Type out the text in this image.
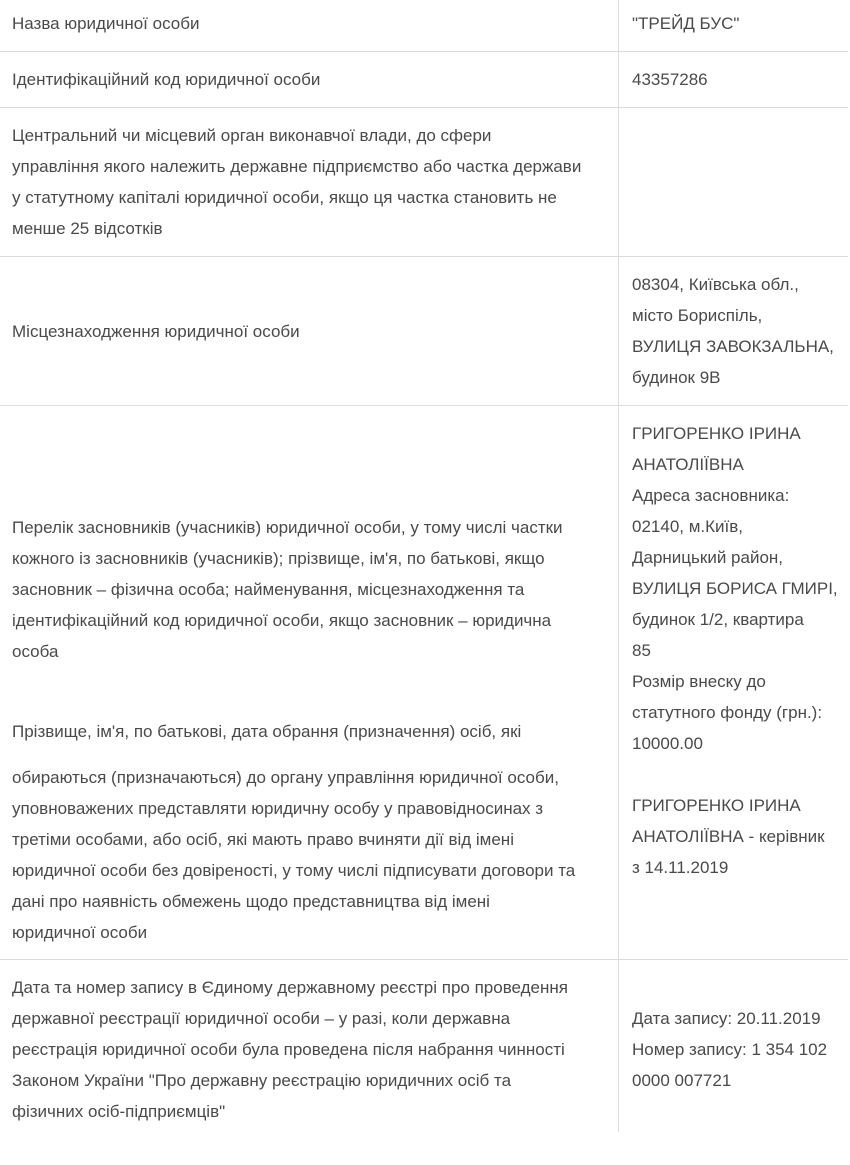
Назва юридичної особи	"ТРЕЙД БУС"
Ідентифікаційний код юридичної особи	43357286
Центральний чи місцевий орган виконавчої влади, до сфери
управління якого належить державне підприємство або частка держави
у статутному капіталі юридичної особи, якщо ця частка становить не
менше 25 відсотків
Місцезнаходження юридичної особи
08304, Київська обл.,
місто Бориспіль,
ВУЛИЦЯ ЗАВОКЗАЛЬНА,
будинок 9В
Перелік засновників (учасників) юридичної особи, у тому числі частки
кожного із засновників (учасників); прізвище, ім'я, по батькові, якщо
засновник – фізична особа; найменування, місцезнаходження та
ідентифікаційний код юридичної особи, якщо засновник – юридична
особа
ГРИГОРЕНКО ІРИНА
АНАТОЛІЇВНА
Адреса засновника:
02140, м.Київ,
Дарницький район,
ВУЛИЦЯ БОРИСА ГМИРІ,
будинок 1/2, квартира
85
Розмір внеску до
статутного фонду (грн.):
10000.00
ГРИГОРЕНКО ІРИНА
АНАТОЛІЇВНА - керівник
з 14.11.2019
Прізвище, ім'я, по батькові, дата обрання (призначення) осіб, які
обираються (призначаються) до органу управління юридичної особи,
уповноважених представляти юридичну особу у правовідносинах з
третіми особами, або осіб, які мають право вчиняти дії від імені
юридичної особи без довіреності, у тому числі підписувати договори та
дані про наявність обмежень щодо представництва від імені
юридичної особи
Дата та номер запису в Єдиному державному реєстрі про проведення
державної реєстрації юридичної особи – у разі, коли державна
реєстрація юридичної особи була проведена після набрання чинності
Законом України "Про державну реєстрацію юридичних осіб та
фізичних осіб-підприємців"
Дата запису: 20.11.2019
Номер запису: 1 354 102
0000 007721
